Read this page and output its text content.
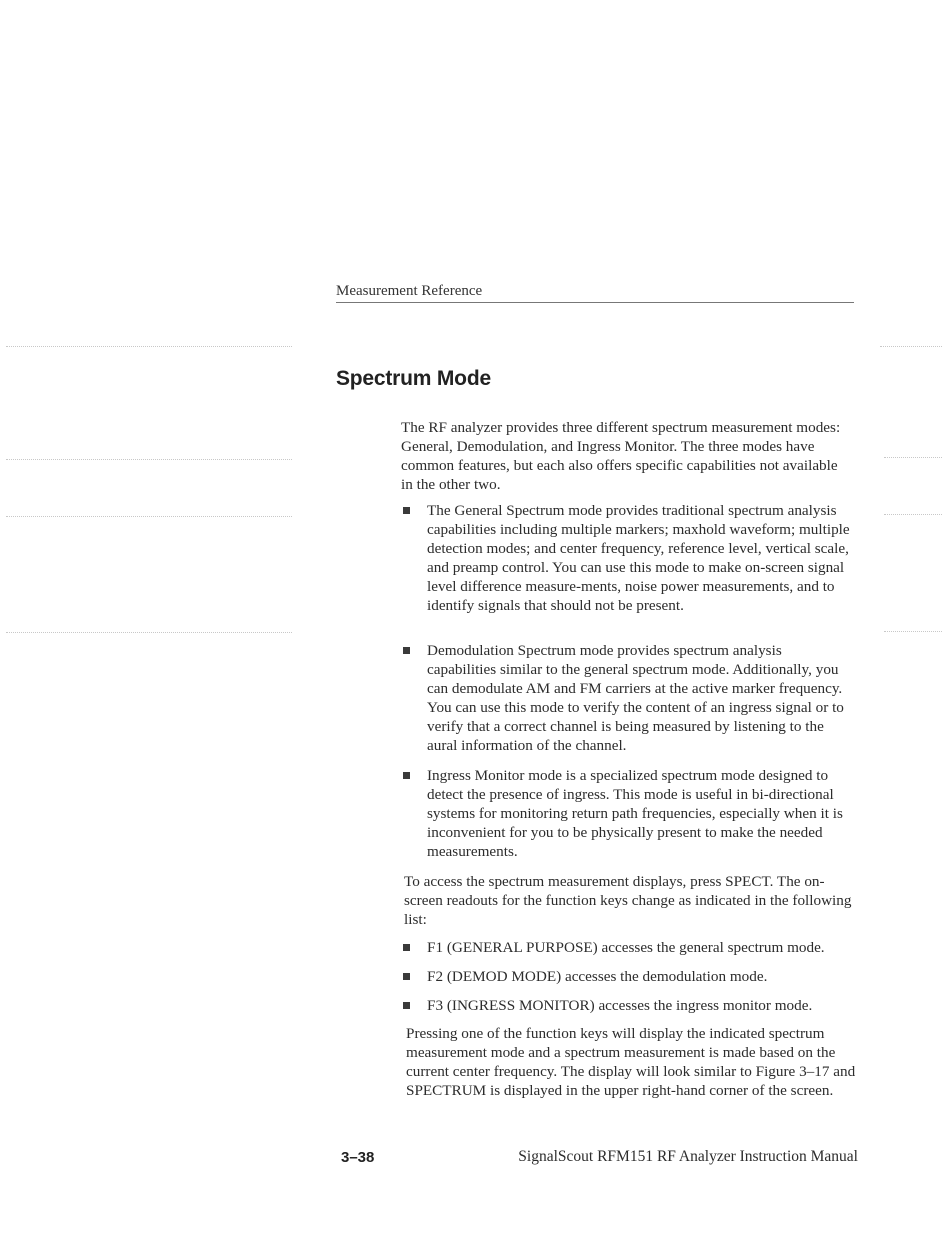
Measurement Reference
Spectrum Mode

The RF analyzer provides three different spectrum measurement modes: General, Demodulation, and Ingress Monitor. The three modes have common features, but each also offers specific capabilities not available in the other two.

The General Spectrum mode provides traditional spectrum analysis capabilities including multiple markers; maxhold waveform; multiple detection modes; and center frequency, reference level, vertical scale, and preamp control. You can use this mode to make on-screen signal level difference measure-ments, noise power measurements, and to identify signals that should not be present.
Demodulation Spectrum mode provides spectrum analysis capabilities similar to the general spectrum mode. Additionally, you can demodulate AM and FM carriers at the active marker frequency. You can use this mode to verify the content of an ingress signal or to verify that a correct channel is being measured by listening to the aural information of the channel.
Ingress Monitor mode is a specialized spectrum mode designed to detect the presence of ingress. This mode is useful in bi-directional systems for monitoring return path frequencies, especially when it is inconvenient for you to be physically present to make the needed measurements.

To access the spectrum measurement displays, press SPECT. The on-screen readouts for the function keys change as indicated in the following list:

F1 (GENERAL PURPOSE) accesses the general spectrum mode.
F2 (DEMOD MODE) accesses the demodulation mode.
F3 (INGRESS MONITOR) accesses the ingress monitor mode.

Pressing one of the function keys will display the indicated spectrum measurement mode and a spectrum measurement is made based on the current center frequency. The display will look similar to Figure 3–17 and SPECTRUM is displayed in the upper right-hand corner of the screen.

3–38	SignalScout RFM151 RF Analyzer Instruction Manual
